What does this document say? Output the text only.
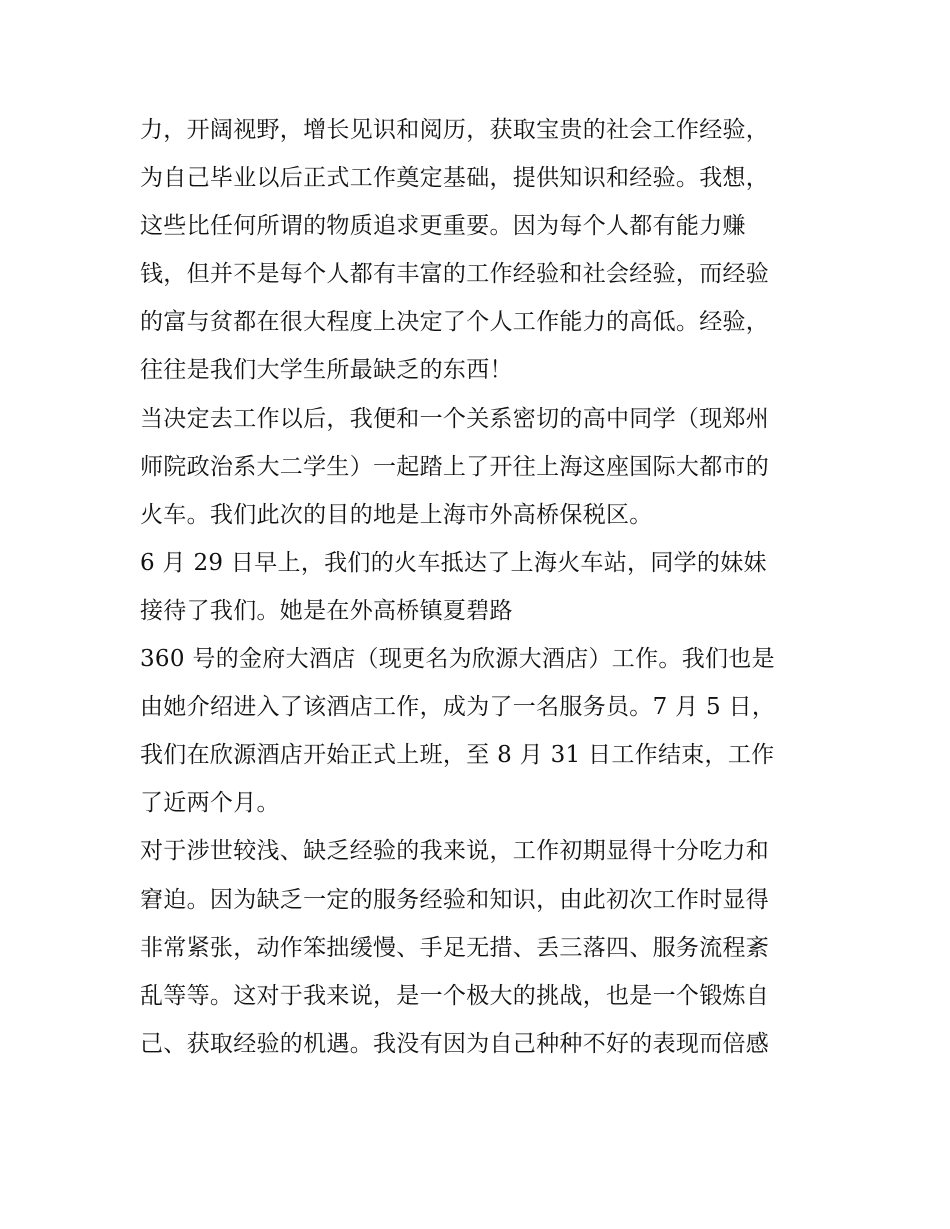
力，开阔视野，增长见识和阅历，获取宝贵的社会工作经验，
为自己毕业以后正式工作奠定基础，提供知识和经验。我想，
这些比任何所谓的物质追求更重要。因为每个人都有能力赚
钱，但并不是每个人都有丰富的工作经验和社会经验，而经验
的富与贫都在很大程度上决定了个人工作能力的高低。经验，
往往是我们大学生所最缺乏的东西！
当决定去工作以后，我便和一个关系密切的高中同学（现郑州
师院政治系大二学生）一起踏上了开往上海这座国际大都市的
火车。我们此次的目的地是上海市外高桥保税区。
6 月 29 日早上，我们的火车抵达了上海火车站，同学的妹妹
接待了我们。她是在外高桥镇夏碧路
360 号的金府大酒店（现更名为欣源大酒店）工作。我们也是
由她介绍进入了该酒店工作，成为了一名服务员。7 月 5 日，
我们在欣源酒店开始正式上班，至 8 月 31 日工作结束，工作
了近两个月。
对于涉世较浅、缺乏经验的我来说，工作初期显得十分吃力和
窘迫。因为缺乏一定的服务经验和知识，由此初次工作时显得
非常紧张，动作笨拙缓慢、手足无措、丢三落四、服务流程紊
乱等等。这对于我来说，是一个极大的挑战，也是一个锻炼自
己、获取经验的机遇。我没有因为自己种种不好的表现而倍感
